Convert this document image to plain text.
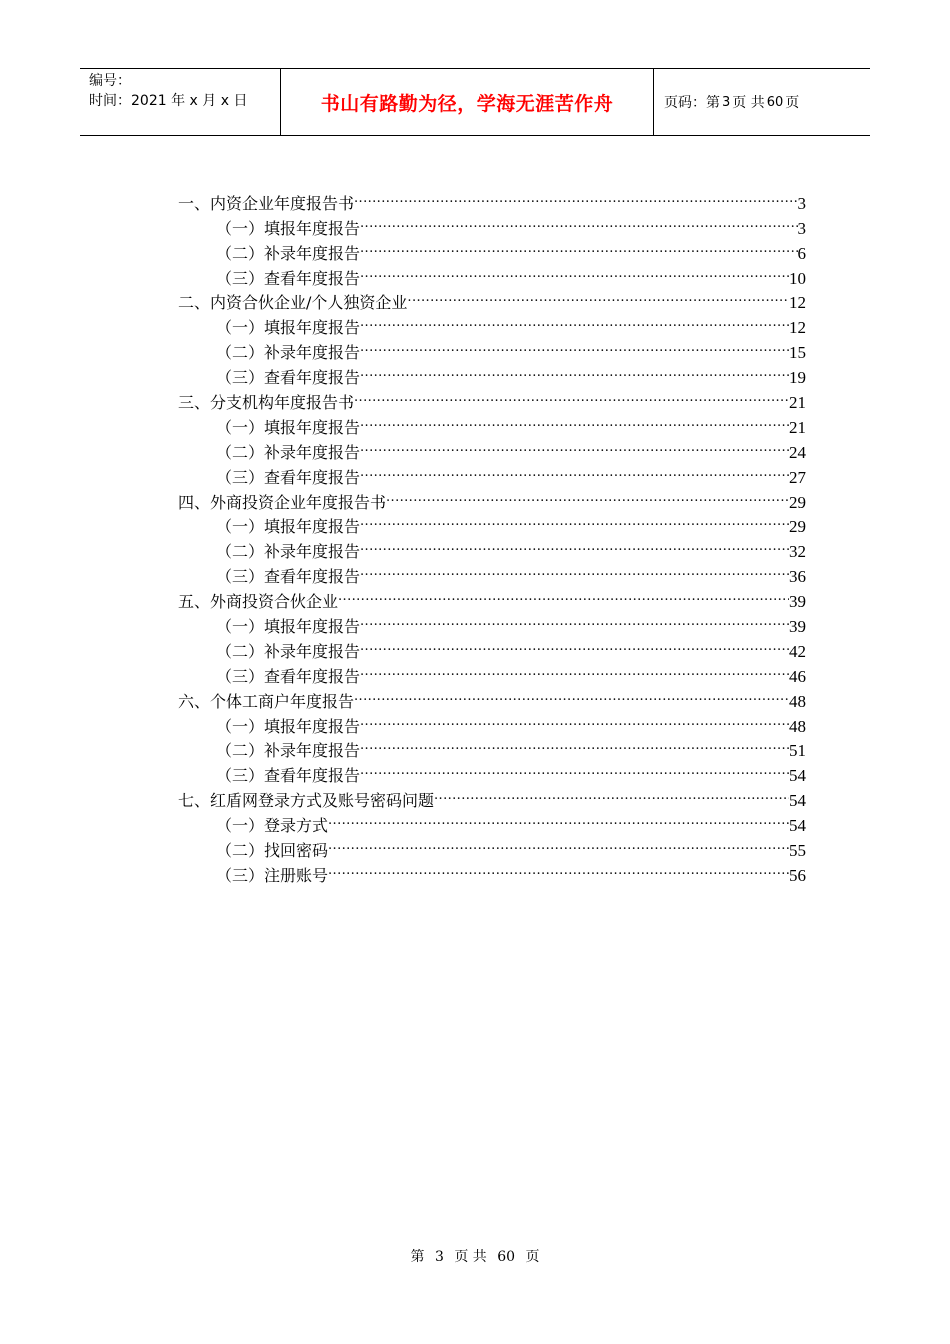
编号：
时间：2021 年 x 月 x 日	书山有路勤为径，学海无涯苦作舟	页码：第 3 页 共 60 页
一、内资企业年度报告书 .....	3
（一）填报年度报告 .....	3
（二）补录年度报告 .....	6
（三）查看年度报告 .....	10
二、内资合伙企业/个人独资企业 .....	12
（一）填报年度报告 .....	12
（二）补录年度报告 .....	15
（三）查看年度报告 .....	19
三、分支机构年度报告书 .....	21
（一）填报年度报告 .....	21
（二）补录年度报告 .....	24
（三）查看年度报告 .....	27
四、外商投资企业年度报告书 .....	29
（一）填报年度报告 .....	29
（二）补录年度报告 .....	32
（三）查看年度报告 .....	36
五、外商投资合伙企业 .....	39
（一）填报年度报告 .....	39
（二）补录年度报告 .....	42
（三）查看年度报告 .....	46
六、个体工商户年度报告 .....	48
（一）填报年度报告 .....	48
（二）补录年度报告 .....	51
（三）查看年度报告 .....	54
七、红盾网登录方式及账号密码问题 .....	54
（一）登录方式 .....	54
（二）找回密码 .....	55
（三）注册账号 .....	56
第 3 页 共 60 页
